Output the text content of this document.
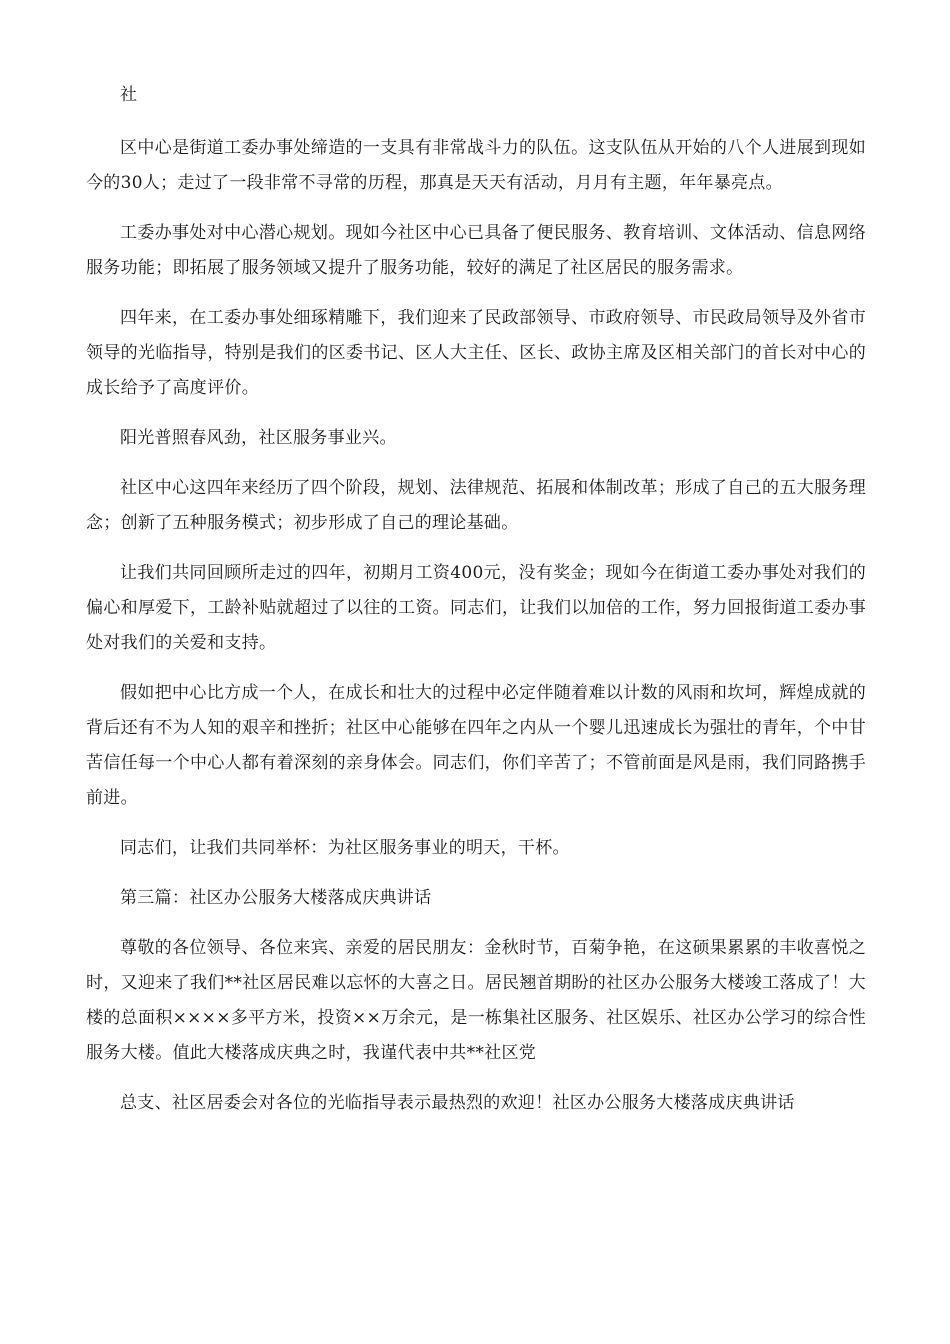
社

区中心是街道工委办事处缔造的一支具有非常战斗力的队伍。这支队伍从开始的八个人进展到现如今的30人；走过了一段非常不寻常的历程，那真是天天有活动，月月有主题，年年暴亮点。

工委办事处对中心潜心规划。现如今社区中心已具备了便民服务、教育培训、文体活动、信息网络服务功能；即拓展了服务领域又提升了服务功能，较好的满足了社区居民的服务需求。

四年来，在工委办事处细琢精雕下，我们迎来了民政部领导、市政府领导、市民政局领导及外省市领导的光临指导，特别是我们的区委书记、区人大主任、区长、政协主席及区相关部门的首长对中心的成长给予了高度评价。

阳光普照春风劲，社区服务事业兴。

社区中心这四年来经历了四个阶段，规划、法律规范、拓展和体制改革；形成了自己的五大服务理念；创新了五种服务模式；初步形成了自己的理论基础。

让我们共同回顾所走过的四年，初期月工资400元，没有奖金；现如今在街道工委办事处对我们的偏心和厚爱下，工龄补贴就超过了以往的工资。同志们，让我们以加倍的工作，努力回报街道工委办事处对我们的关爱和支持。

假如把中心比方成一个人，在成长和壮大的过程中必定伴随着难以计数的风雨和坎坷，辉煌成就的背后还有不为人知的艰辛和挫折；社区中心能够在四年之内从一个婴儿迅速成长为强壮的青年，个中甘苦信任每一个中心人都有着深刻的亲身体会。同志们，你们辛苦了；不管前面是风是雨，我们同路携手前进。

同志们，让我们共同举杯：为社区服务事业的明天，干杯。

第三篇：社区办公服务大楼落成庆典讲话

尊敬的各位领导、各位来宾、亲爱的居民朋友：金秋时节，百菊争艳，在这硕果累累的丰收喜悦之时，又迎来了我们**社区居民难以忘怀的大喜之日。居民翘首期盼的社区办公服务大楼竣工落成了！大楼的总面积××××多平方米，投资××万余元，是一栋集社区服务、社区娱乐、社区办公学习的综合性服务大楼。值此大楼落成庆典之时，我谨代表中共**社区党

总支、社区居委会对各位的光临指导表示最热烈的欢迎！社区办公服务大楼落成庆典讲话
